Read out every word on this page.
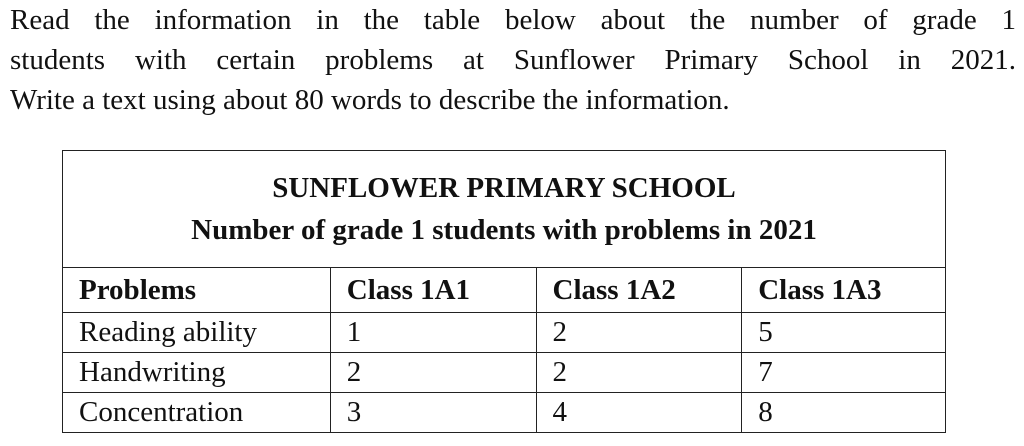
Read the information in the table below about the number of grade 1
students with certain problems at Sunflower Primary School in 2021.
Write a text using about 80 words to describe the information.
SUNFLOWER PRIMARY SCHOOL
Number of grade 1 students with problems in 2021			

Problems	Class 1A1	Class 1A2	Class 1A3
Reading ability	1	2	5
Handwriting	2	2	7
Concentration	3	4	8
